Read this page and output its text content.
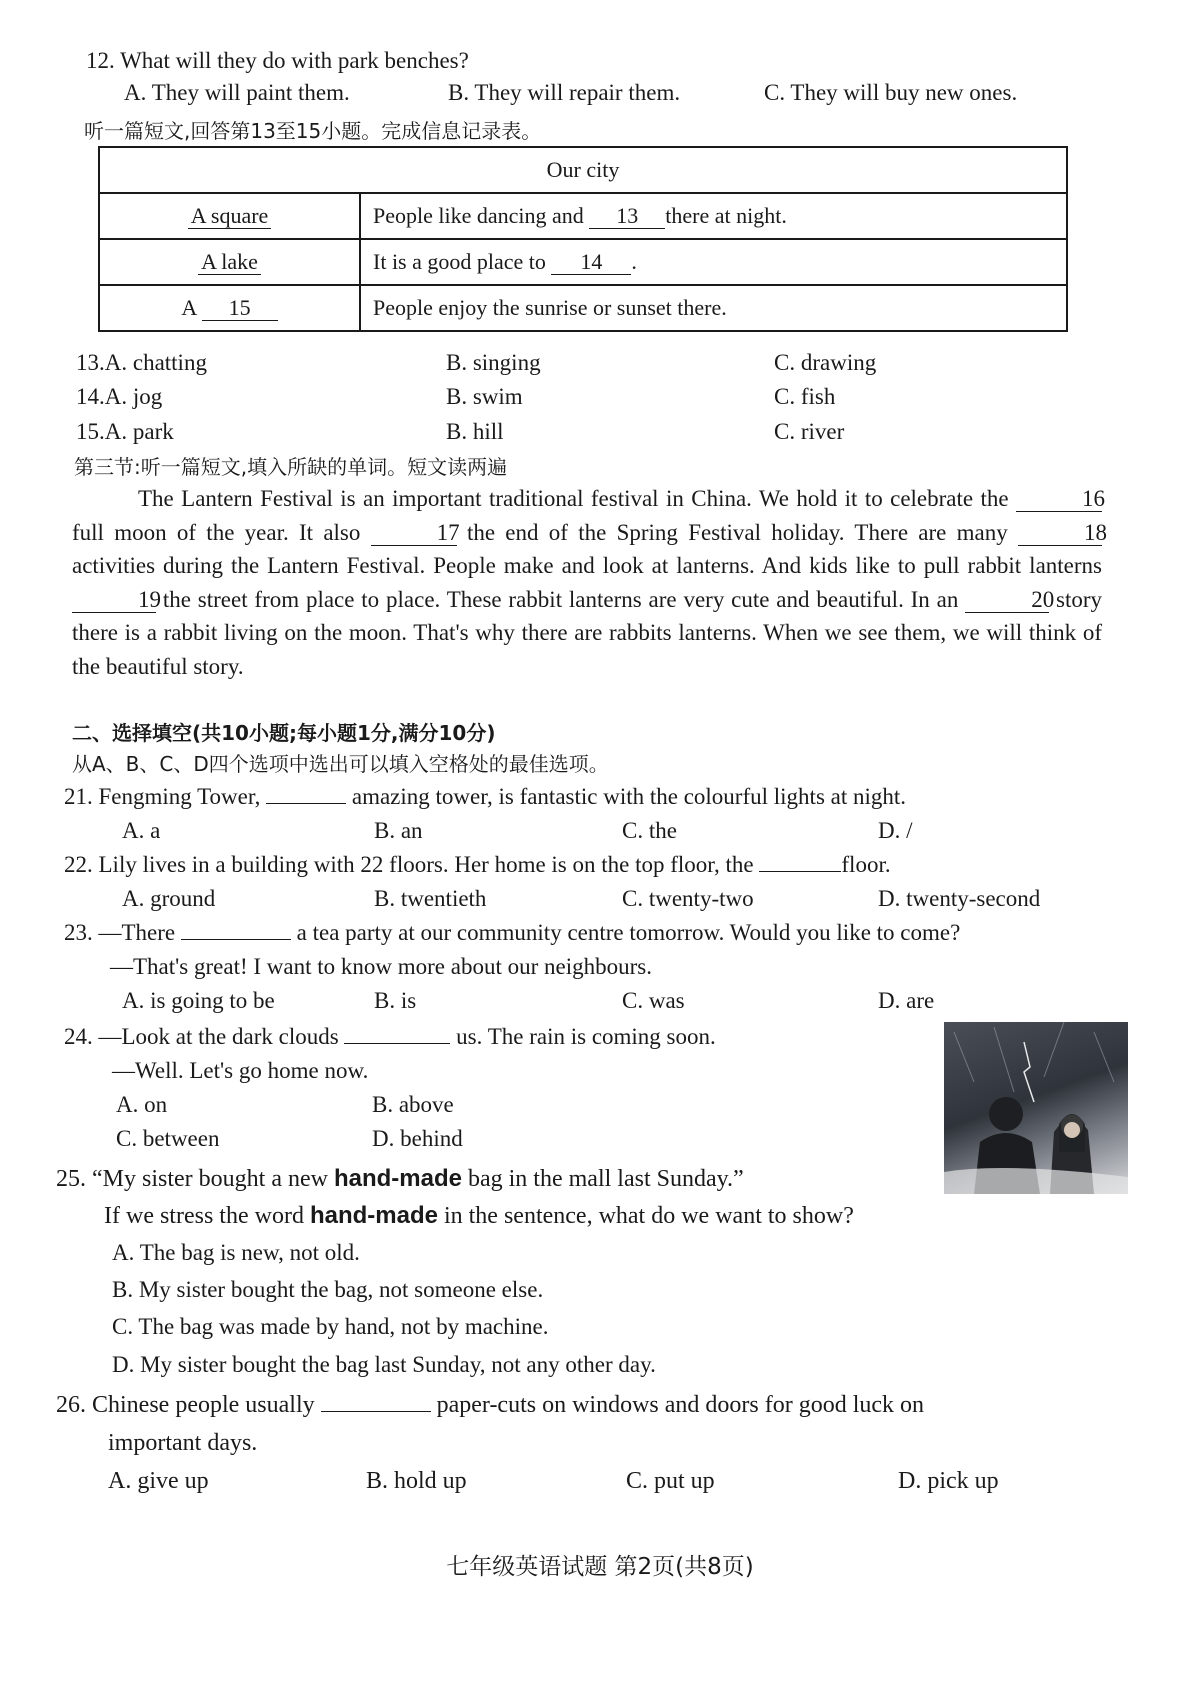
12. What will they do with park benches?
A. They will paint them.	B. They will repair them.	C. They will buy new ones.
听一篇短文,回答第13至15小题。完成信息记录表。
Our city	
A square	People like dancing and 13 there at night.
A lake	It is a good place to 14 .
A 15	People enjoy the sunrise or sunset there.
13.A. chatting	B. singing	C. drawing
14.A. jog	B. swim	C. fish
15.A. park	B. hill	C. river
第三节:听一篇短文,填入所缺的单词。短文读两遍
The Lantern Festival is an important traditional festival in China. We hold it to celebrate the	16 full moon of the year. It also	17 the end of the Spring Festival holiday. There are many	18 activities during the Lantern Festival. People make and look at lanterns. And kids like to pull rabbit lanterns 19 the street from place to place. These rabbit lanterns are very cute and beautiful. In an	20 story there is a rabbit living on the moon. That's why there are rabbits lanterns. When we see them, we will think of the beautiful story.
二、选择填空(共10小题;每小题1分,满分10分)
从A、B、C、D四个选项中选出可以填入空格处的最佳选项。
21. Fengming Tower,	amazing tower, is fantastic with the colourful lights at night.
A. a	B. an	C. the	D. /
22. Lily lives in a building with 22 floors. Her home is on the top floor, the	floor.
A. ground	B. twentieth	C. twenty-two	D. twenty-second
23. —There	a tea party at our community centre tomorrow. Would you like to come?
—That's great! I want to know more about our neighbours.
A. is going to be	B. is	C. was	D. are
24. —Look at the dark clouds	us. The rain is coming soon.
—Well. Let's go home now.
A. on	B. above
C. between	D. behind
25. “My sister bought a new hand-made bag in the mall last Sunday.”
If we stress the word hand-made in the sentence, what do we want to show?
A. The bag is new, not old.
B. My sister bought the bag, not someone else.
C. The bag was made by hand, not by machine.
D. My sister bought the bag last Sunday, not any other day.
26. Chinese people usually	paper-cuts on windows and doors for good luck on
important days.
A. give up	B. hold up	C. put up	D. pick up
七年级英语试题 第2页(共8页)
